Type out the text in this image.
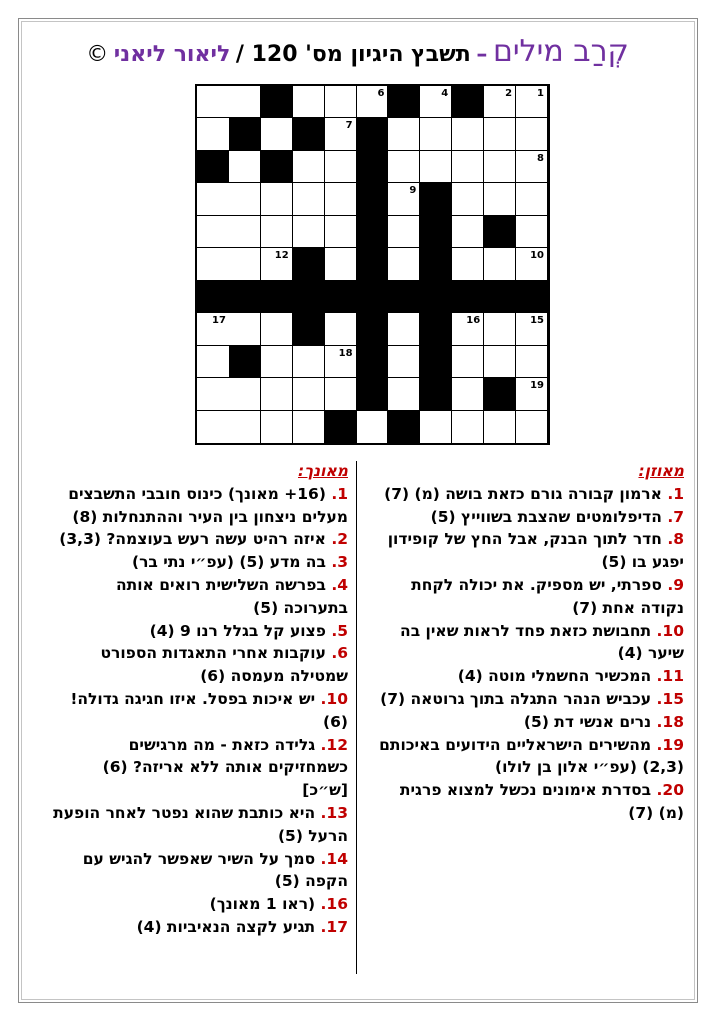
קְרַב מילים – תשבץ היגיון מס' 120 / ליאור ליאני ©
1
2
3
4
5
6
7
8
9
10
11
12
13
14
15
16
17
18
19
20
מאוזן:
1. ארמון קבורה גורם כזאת בושה (מ) (7)
7. הדיפלומטים שהצבת בשווייץ (5)
8. חדר לתוך הבנק, אבל החץ של קופידון יפגע בו (5)
9. ספרתי, יש מספיק. את יכולה לקחת נקודה אחת (7)
10. תחבושת כזאת פחד לראות שאין בה שיער (4)
11. המכשיר החשמלי מוטה (4)
15. עכביש הנהר התגלה בתוך גרוטאה (7)
18. נרים אנשי דת (5)
19. מהשירים הישראליים הידועים באיכותם (2,3) (עפ״י אלון בן לולו)
20. בסדרת אימונים נכשל למצוא פרגית (מ) (7)
מאונך:
1. (16+ מאונך) כינוס חובבי התשבצים מעלים ניצחון בין העיר וההתנחלות (8)
2. איזה רהיט עשה רעש בעוצמה? (3,3)
3. בה מדע (5) (עפ״י נתי בר)
4. בפרשה השלישית רואים אותה בתערוכה (5)
5. פצוע קל בגלל רנו 9 (4)
6. עוקבות אחרי התאגדות הספורט שמטילה מעמסה (6)
10. יש איכות בפסל. איזו חגיגה גדולה! (6)
12. גלידה כזאת - מה מרגישים כשמחזיקים אותה ללא אריזה? (6) [ש״כ]
13. היא כותבת שהוא נפטר לאחר הופעת הרעל (5)
14. סמך על השיר שאפשר להגיש עם הקפה (5)
16. (ראו 1 מאונך)
17. תגיע לקצה הנאיביות (4)
